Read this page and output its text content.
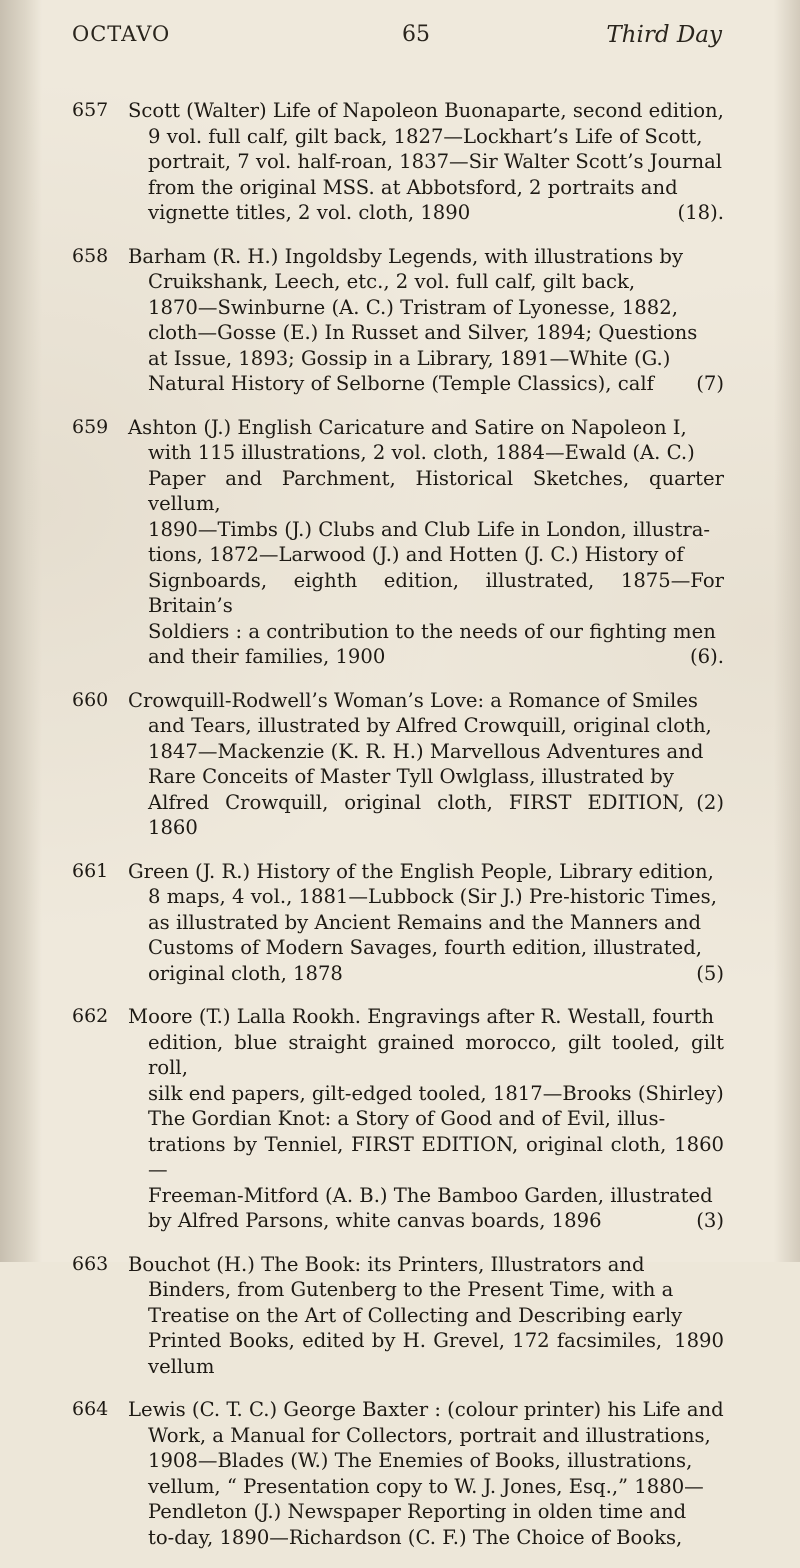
OCTAVO	65	Third Day
657	Scott (Walter) Life of Napoleon Buonaparte, second edition,
9 vol. full calf, gilt back, 1827—Lockhart’s Life of Scott,
portrait, 7 vol. half-roan, 1837—Sir Walter Scott’s Journal
from the original MSS. at Abbotsford, 2 portraits and
vignette titles, 2 vol. cloth, 1890	(18).
658	Barham (R. H.) Ingoldsby Legends, with illustrations by
Cruikshank, Leech, etc., 2 vol. full calf, gilt back,
1870—Swinburne (A. C.) Tristram of Lyonesse, 1882,
cloth—Gosse (E.) In Russet and Silver, 1894; Questions
at Issue, 1893; Gossip in a Library, 1891—White (G.)
Natural History of Selborne (Temple Classics), calf	(7)
659	Ashton (J.) English Caricature and Satire on Napoleon I,
with 115 illustrations, 2 vol. cloth, 1884—Ewald (A. C.)
Paper and Parchment, Historical Sketches, quarter vellum,
1890—Timbs (J.) Clubs and Club Life in London, illustra-
tions, 1872—Larwood (J.) and Hotten (J. C.) History of
Signboards, eighth edition, illustrated, 1875—For Britain’s
Soldiers : a contribution to the needs of our fighting men
and their families, 1900	(6).
660	Crowquill-Rodwell’s Woman’s Love: a Romance of Smiles
and Tears, illustrated by Alfred Crowquill, original cloth,
1847—Mackenzie (K. R. H.) Marvellous Adventures and
Rare Conceits of Master Tyll Owlglass, illustrated by
Alfred Crowquill, original cloth, FIRST EDITION, 1860
(2)
661	Green (J. R.) History of the English People, Library edition,
8 maps, 4 vol., 1881—Lubbock (Sir J.) Pre-historic Times,
as illustrated by Ancient Remains and the Manners and
Customs of Modern Savages, fourth edition, illustrated,
original cloth, 1878	(5)
662	Moore (T.) Lalla Rookh. Engravings after R. Westall, fourth
edition, blue straight grained morocco, gilt tooled, gilt roll,
silk end papers, gilt-edged tooled, 1817—Brooks (Shirley)
The Gordian Knot: a Story of Good and of Evil, illus-
trations by Tenniel, FIRST EDITION, original cloth, 1860—
Freeman-Mitford (A. B.) The Bamboo Garden, illustrated
by Alfred Parsons, white canvas boards, 1896	(3)
663	Bouchot (H.) The Book: its Printers, Illustrators and
Binders, from Gutenberg to the Present Time, with a
Treatise on the Art of Collecting and Describing early
Printed Books, edited by H. Grevel, 172 facsimiles, vellum
1890
664	Lewis (C. T. C.) George Baxter : (colour printer) his Life and
Work, a Manual for Collectors, portrait and illustrations,
1908—Blades (W.) The Enemies of Books, illustrations,
vellum, “ Presentation copy to W. J. Jones, Esq.,” 1880—
Pendleton (J.) Newspaper Reporting in olden time and
to-day, 1890—Richardson (C. F.) The Choice of Books,
